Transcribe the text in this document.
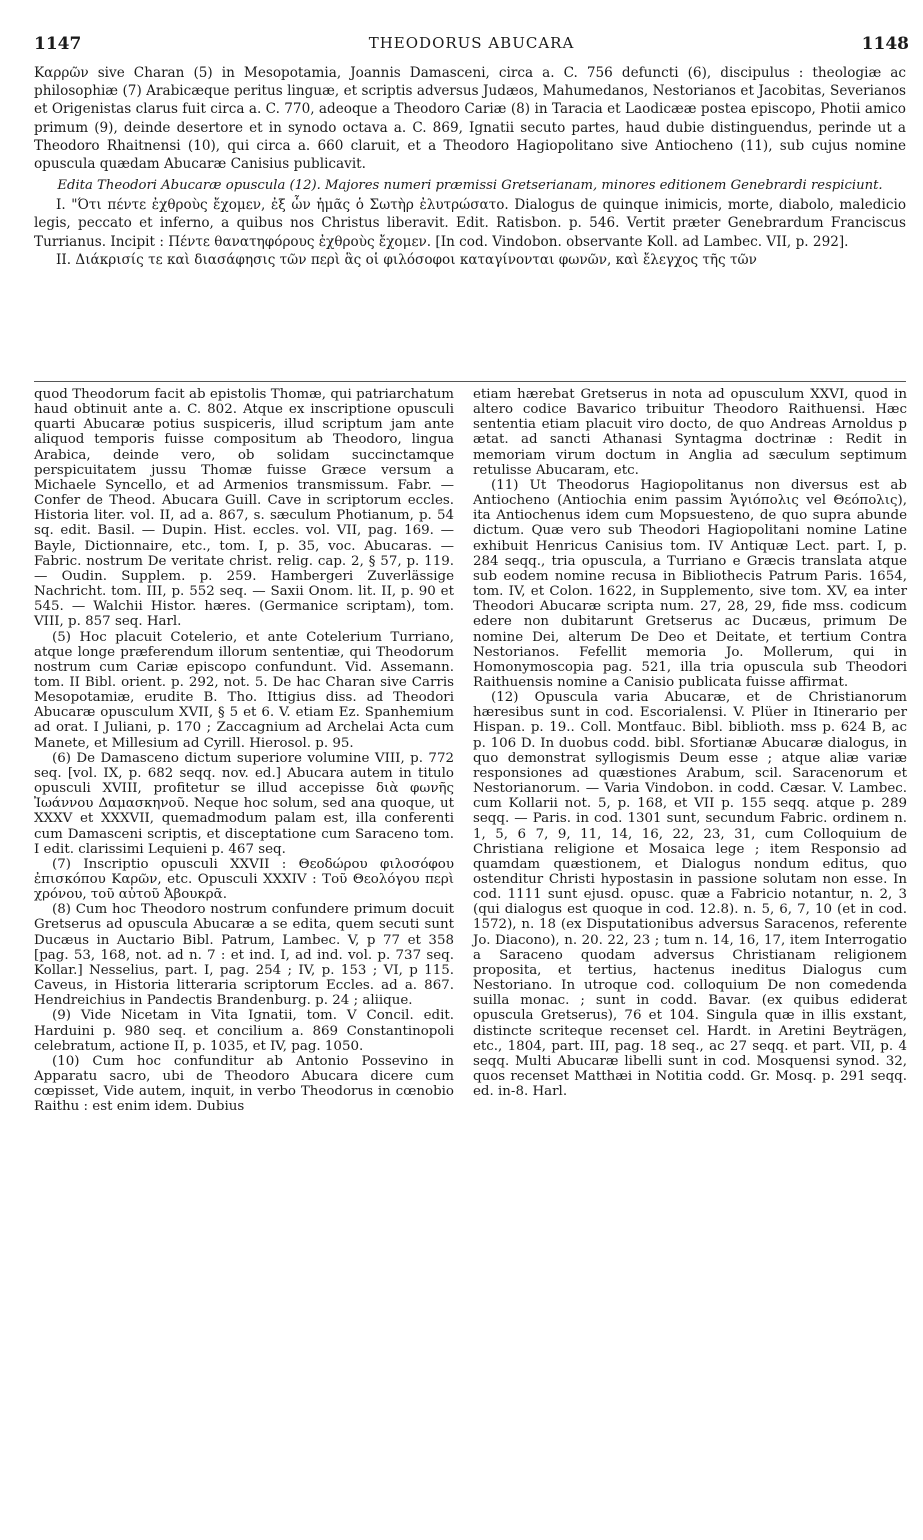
1147	THEODORUS ABUCARA	1148

Καρρῶν sive Charan (5) in Mesopotamia, Joannis Damasceni, circa a. C. 756 defuncti (6), discipulus : theologiæ ac philosophiæ (7) Arabicæque peritus linguæ, et scriptis adversus Judæos, Mahumedanos, Nestorianos et Jacobitas, Severianos et Origenistas clarus fuit circa a. C. 770, adeoque a Theodoro Cariæ (8) in Taracia et Laodicææ postea episcopo, Photii amico primum (9), deinde desertore et in synodo octava a. C. 869, Ignatii secuto partes, haud dubie distinguendus, perinde ut a Theodoro Rhaitnensi (10), qui circa a. 660 claruit, et a Theodoro Hagiopolitano sive Antiocheno (11), sub cujus nomine opuscula quædam Abucaræ Canisius publicavit.

Edita Theodori Abucaræ opuscula (12). Majores numeri præmissi Gretserianam, minores editionem Genebrardi respiciunt.

I. "Ότι πέντε ἐχθροὺς ἔχομεν, ἐξ ὧν ἡμᾶς ὁ Σωτὴρ ἐλυτρώσατο. Dialogus de quinque inimicis, morte, diabolo, maledicio legis, peccato et inferno, a quibus nos Christus liberavit. Edit. Ratisbon. p. 546. Vertit præter Genebrardum Franciscus Turrianus. Incipit : Πέντε θανατηφόρους ἐχθροὺς ἔχομεν. [In cod. Vindobon. observante Koll. ad Lambec. VII, p. 292].

II. Διάκρισίς τε καὶ διασάφησις τῶν περὶ ἃς οἱ φιλόσοφοι καταγίνονται φωνῶν, καὶ ἔλεγχος τῆς τῶν

quod Theodorum facit ab epistolis Thomæ, qui patriarchatum haud obtinuit ante a. C. 802. Atque ex inscriptione opusculi quarti Abucaræ potius suspiceris, illud scriptum jam ante aliquod temporis fuisse compositum ab Theodoro, lingua Arabica, deinde vero, ob solidam succinctamque perspicuitatem jussu Thomæ fuisse Græce versum a Michaele Syncello, et ad Armenios transmissum. Fabr. — Confer de Theod. Abucara Guill. Cave in scriptorum eccles. Historia liter. vol. II, ad a. 867, s. sæculum Photianum, p. 54 sq. edit. Basil. — Dupin. Hist. eccles. vol. VII, pag. 169. — Bayle, Dictionnaire, etc., tom. I, p. 35, voc. Abucaras. — Fabric. nostrum De veritate christ. relig. cap. 2, § 57, p. 119. — Oudin. Supplem. p. 259. Hambergeri Zuverlässige Nachricht. tom. III, p. 552 seq. — Saxii Onom. lit. II, p. 90 et 545. — Walchii Histor. hæres. (Germanice scriptam), tom. VIII, p. 857 seq. Harl.

(5) Hoc placuit Cotelerio, et ante Cotelerium Turriano, atque longe præferendum illorum sententiæ, qui Theodorum nostrum cum Cariæ episcopo confundunt. Vid. Assemann. tom. II Bibl. orient. p. 292, not. 5. De hac Charan sive Carris Mesopotamiæ, erudite B. Tho. Ittigius diss. ad Theodori Abucaræ opusculum XVII, § 5 et 6. V. etiam Ez. Spanhemium ad orat. I Juliani, p. 170 ; Zaccagnium ad Archelai Acta cum Manete, et Millesium ad Cyrill. Hierosol. p. 95.

(6) De Damasceno dictum superiore volumine VIII, p. 772 seq. [vol. IX, p. 682 seqq. nov. ed.] Abucara autem in titulo opusculi XVIII, profitetur se illud accepisse διὰ φωνῆς Ἰωάννου Δαμασκηνοῦ. Neque hoc solum, sed ana quoque, ut XXXV et XXXVII, quemadmodum palam est, illa conferenti cum Damasceni scriptis, et disceptatione cum Saraceno tom. I edit. clarissimi Lequieni p. 467 seq.

(7) Inscriptio opusculi XXVII : Θεοδώρου φιλοσόφου ἐπισκόπου Καρῶν, etc. Opusculi XXXIV : Τοῦ Θεολόγου περὶ χρόνου, τοῦ αὐτοῦ Ἀβουκρᾶ.

(8) Cum hoc Theodoro nostrum confundere primum docuit Gretserus ad opuscula Abucaræ a se edita, quem secuti sunt Ducæus in Auctario Bibl. Patrum, Lambec. V, p 77 et 358 [pag. 53, 168, not. ad n. 7 : et ind. I, ad ind. vol. p. 737 seq. Kollar.] Nesselius, part. I, pag. 254 ; IV, p. 153 ; VI, p 115. Caveus, in Historia litteraria scriptorum Eccles. ad a. 867. Hendreichius in Pandectis Brandenburg. p. 24 ; aliique.

(9) Vide Nicetam in Vita Ignatii, tom. V Concil. edit. Harduini p. 980 seq. et concilium a. 869 Constantinopoli celebratum, actione II, p. 1035, et IV, pag. 1050.

(10) Cum hoc confunditur ab Antonio Possevino in Apparatu sacro, ubi de Theodoro Abucara dicere cum cœpisset, Vide autem, inquit, in verbo Theodorus in cœnobio Raithu : est enim idem. Dubius

etiam hærebat Gretserus in nota ad opusculum XXVI, quod in altero codice Bavarico tribuitur Theodoro Raithuensi. Hæc sententia etiam placuit viro docto, de quo Andreas Arnoldus p ætat. ad sancti Athanasi Syntagma doctrinæ : Redit in memoriam virum doctum in Anglia ad sæculum septimum retulisse Abucaram, etc.

(11) Ut Theodorus Hagiopolitanus non diversus est ab Antiocheno (Antiochia enim passim Ἁγιόπολις vel Θεόπολις), ita Antiochenus idem cum Mopsuesteno, de quo supra abunde dictum. Quæ vero sub Theodori Hagiopolitani nomine Latine exhibuit Henricus Canisius tom. IV Antiquæ Lect. part. I, p. 284 seqq., tria opuscula, a Turriano e Græcis translata atque sub eodem nomine recusa in Bibliothecis Patrum Paris. 1654, tom. IV, et Colon. 1622, in Supplemento, sive tom. XV, ea inter Theodori Abucaræ scripta num. 27, 28, 29, fide mss. codicum edere non dubitarunt Gretserus ac Ducæus, primum De nomine Dei, alterum De Deo et Deitate, et tertium Contra Nestorianos. Fefellit memoria Jo. Mollerum, qui in Homonymoscopia pag. 521, illa tria opuscula sub Theodori Raithuensis nomine a Canisio publicata fuisse affirmat.

(12) Opuscula varia Abucaræ, et de Christianorum hæresibus sunt in cod. Escorialensi. V. Plüer in Itinerario per Hispan. p. 19.. Coll. Montfauc. Bibl. biblioth. mss p. 624 B, ac p. 106 D. In duobus codd. bibl. Sfortianæ Abucaræ dialogus, in quo demonstrat syllogismis Deum esse ; atque aliæ variæ responsiones ad quæstiones Arabum, scil. Saracenorum et Nestorianorum. — Varia Vindobon. in codd. Cæsar. V. Lambec. cum Kollarii not. 5, p. 168, et VII p. 155 seqq. atque p. 289 seqq. — Paris. in cod. 1301 sunt, secundum Fabric. ordinem n. 1, 5, 6 7, 9, 11, 14, 16, 22, 23, 31, cum Colloquium de Christiana religione et Mosaica lege ; item Responsio ad quamdam quæstionem, et Dialogus nondum editus, quo ostenditur Christi hypostasin in passione solutam non esse. In cod. 1111 sunt ejusd. opusc. quæ a Fabricio notantur, n. 2, 3 (qui dialogus est quoque in cod. 12.8). n. 5, 6, 7, 10 (et in cod. 1572), n. 18 (ex Disputationibus adversus Saracenos, referente Jo. Diacono), n. 20. 22, 23 ; tum n. 14, 16, 17, item Interrogatio a Saraceno quodam adversus Christianam religionem proposita, et tertius, hactenus ineditus Dialogus cum Nestoriano. In utroque cod. colloquium De non comedenda suilla monac. ; sunt in codd. Bavar. (ex quibus ediderat opuscula Gretserus), 76 et 104. Singula quæ in illis exstant, distincte scriteque recenset cel. Hardt. in Aretini Beyträgen, etc., 1804, part. III, pag. 18 seq., ac 27 seqq. et part. VII, p. 4 seqq. Multi Abucaræ libelli sunt in cod. Mosquensi synod. 32, quos recenset Matthæi in Notitia codd. Gr. Mosq. p. 291 seqq. ed. in-8. Harl.
